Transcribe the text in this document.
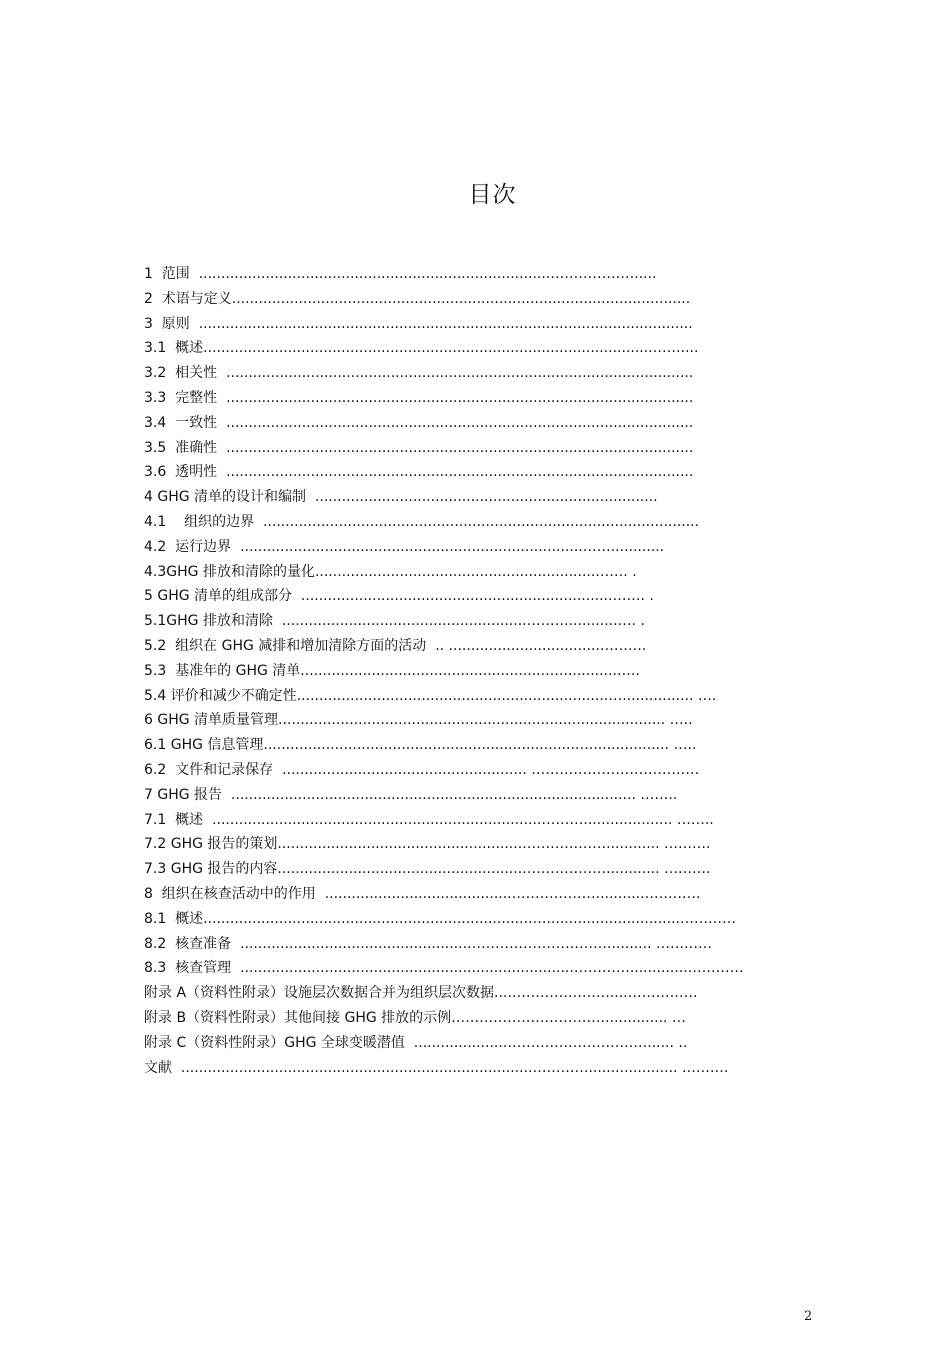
目次
1  范围  ...............................................................................……………….....
2  术语与定义.......................................................................................................
3  原则  ...............................................................................................................
3.1  概述.....................................................................................................……....
3.2  相关性  .........................................................................................................
3.3  完整性  .........................................................................................................
3.4  一致性  .........................................................................................................
3.5  准确性  .........................................................................................................
3.6  透明性  .........................................................................................................
4 GHG 清单的设计和编制  .............................................................................
4.1    组织的边界  ..................................................................................................
4.2  运行边界  .............................................................................……............
4.3GHG 排放和清除的量化...............................................................……. .
5 GHG 清单的组成部分  ......................................................................……. .
5.1GHG 排放和清除  .......................................................………...........…. .
5.2  组织在 GHG 减排和增加清除方面的活动  .. ..................................……….
5.3  基准年的 GHG 清单.......................................................….............…..
5.4 评价和减少不确定性......................................................................…................ ….
6 GHG 清单质量管理....................................................................................... …..
6.1 GHG 信息管理......................................................................….................. …..
6.2  文件和记录保存  ....................................................... ………………………………
7 GHG 报告  ........................................................................................... ……..
7.1  概述  ..........................................................................……….................... ……..
7.2 GHG 报告的策划.......................................................………………............ ……….
7.3 GHG 报告的内容.......................................................………………............ ……….
8  组织在核查活动中的作用  ..........................................………………...........…………
8.1  概述..........................................................................…..............................…………
8.2  核查准备  ...................................................………………………….......... …………
8.3  核查管理  ...........................................................................………….............…………
附录 A（资料性附录）设施层次数据合并为组织层次数据....…………………....……………
附录 B（资料性附录）其他间接 GHG 排放的示例…………………………….............. …
附录 C（资料性附录）GHG 全球变暖潜值  ....................……………………….…...... ..
文献  ...............................................................................………….................... ……….
2
